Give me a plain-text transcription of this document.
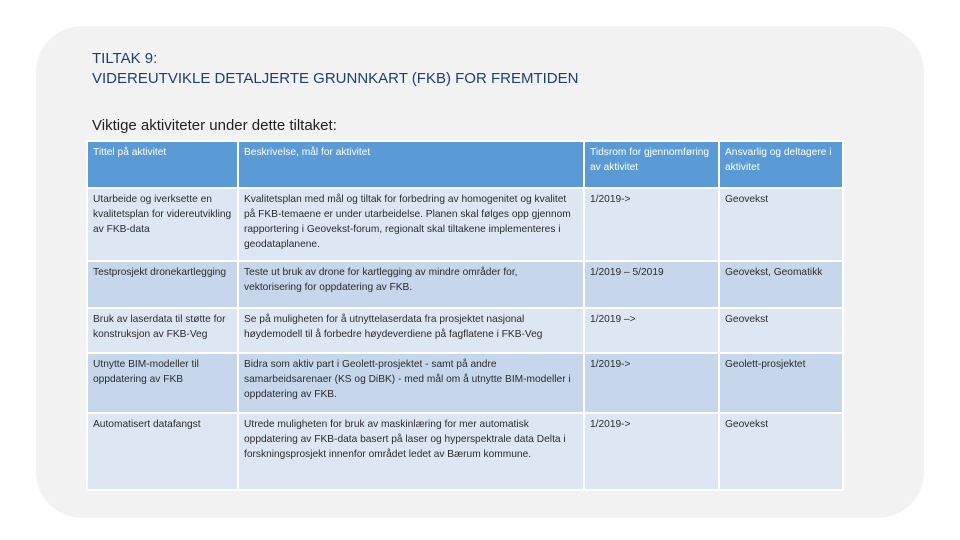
TILTAK 9:
VIDEREUTVIKLE DETALJERTE GRUNNKART (FKB) FOR FREMTIDEN
Viktige aktiviteter under dette tiltaket:
Tittel på aktivitet	Beskrivelse, mål for aktivitet	Tidsrom for gjennomføring av aktivitet	Ansvarlig og deltagere i aktivitet
Utarbeide og iverksette en kvalitetsplan for videreutvikling av FKB-data	Kvalitetsplan med mål og tiltak for forbedring av homogenitet og kvalitet på FKB-temaene er under utarbeidelse. Planen skal følges opp gjennom rapportering i Geovekst-forum, regionalt skal tiltakene implementeres i geodataplanene.	1/2019->	Geovekst
Testprosjekt dronekartlegging	Teste ut bruk av drone for kartlegging av mindre områder for, vektorisering for oppdatering av FKB.	1/2019 – 5/2019	Geovekst, Geomatikk
Bruk av laserdata til støtte for konstruksjon av FKB-Veg	Se på muligheten for å utnyttelaserdata fra prosjektet nasjonal høydemodell til å forbedre høydeverdiene på fagflatene i FKB-Veg	1/2019 –>	Geovekst
Utnytte BIM-modeller til oppdatering av FKB	Bidra som aktiv part i Geolett-prosjektet - samt på andre samarbeidsarenaer (KS og DiBK) - med mål om å utnytte BIM-modeller i oppdatering av FKB.	1/2019->	Geolett-prosjektet
Automatisert datafangst	Utrede muligheten for bruk av maskinlæring for mer automatisk oppdatering av FKB-data basert på laser og hyperspektrale data Delta i forskningsprosjekt innenfor området ledet av Bærum kommune.	1/2019->	Geovekst
